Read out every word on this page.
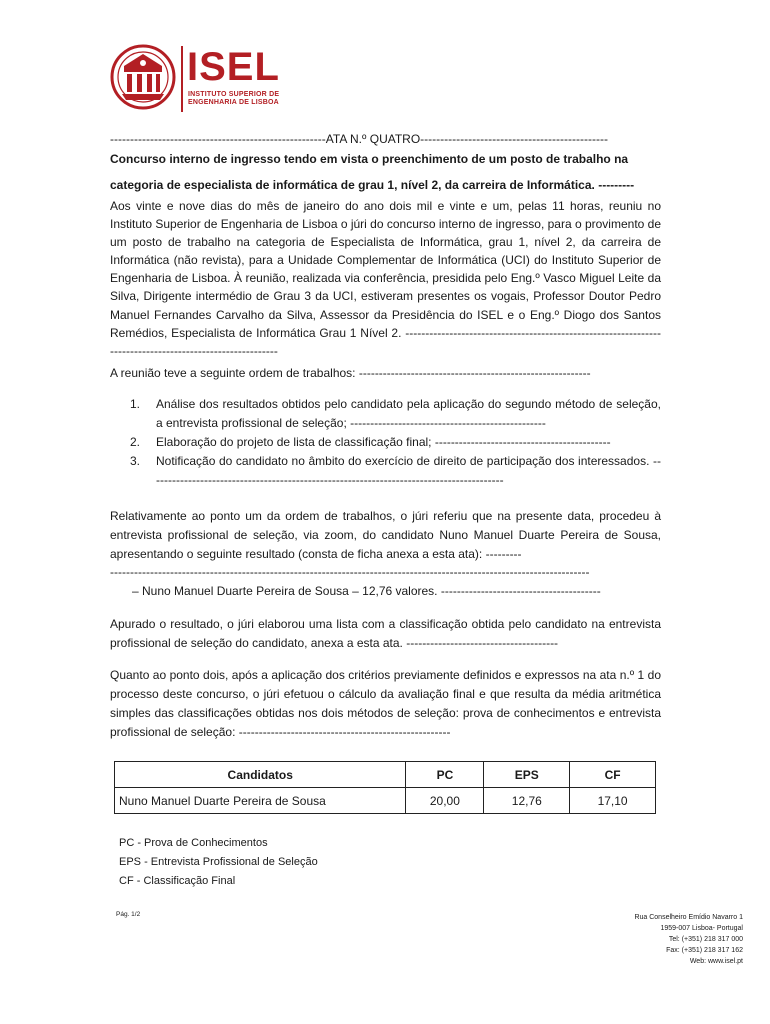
ISEL
INSTITUTO SUPERIOR DE
ENGENHARIA DE LISBOA
------------------------------------------------------ATA N.º QUATRO-----------------------------------------------
Concurso interno de ingresso tendo em vista o preenchimento de um posto de trabalho na
categoria de especialista de informática de grau 1, nível 2, da carreira de Informática. ---------
Aos vinte e nove dias do mês de janeiro do ano dois mil e vinte e um, pelas 11 horas, reuniu no Instituto Superior de Engenharia de Lisboa o júri do concurso interno de ingresso, para o provimento de um posto de trabalho na categoria de Especialista de Informática, grau 1, nível 2, da carreira de Informática (não revista), para a Unidade Complementar de Informática (UCI) do Instituto Superior de Engenharia de Lisboa. À reunião, realizada via conferência, presidida pelo Eng.º Vasco Miguel Leite da Silva, Dirigente intermédio de Grau 3 da UCI, estiveram presentes os vogais, Professor Doutor Pedro Manuel Fernandes Carvalho da Silva, Assessor da Presidência do ISEL e o Eng.º Diogo dos Santos Remédios, Especialista de Informática Grau 1 Nível 2. ----------------------------------------------------------------------------------------------------------
A reunião teve a seguinte ordem de trabalhos: ----------------------------------------------------------
1. Análise dos resultados obtidos pelo candidato pela aplicação do segundo método de seleção, a entrevista profissional de seleção; -------------------------------------------------
2. Elaboração do projeto de lista de classificação final; --------------------------------------------
3. Notificação do candidato no âmbito do exercício de direito de participação dos interessados. -----------------------------------------------------------------------------------------
Relativamente ao ponto um da ordem de trabalhos, o júri referiu que na presente data, procedeu à entrevista profissional de seleção, via zoom, do candidato Nuno Manuel Duarte Pereira de Sousa, apresentando o seguinte resultado (consta de ficha anexa a esta ata): ---------
------------------------------------------------------------------------------------------------------------------------
– Nuno Manuel Duarte Pereira de Sousa – 12,76 valores. ----------------------------------------
Apurado o resultado, o júri elaborou uma lista com a classificação obtida pelo candidato na entrevista profissional de seleção do candidato, anexa a esta ata. --------------------------------------
Quanto ao ponto dois, após a aplicação dos critérios previamente definidos e expressos na ata n.º 1 do processo deste concurso, o júri efetuou o cálculo da avaliação final e que resulta da média aritmética simples das classificações obtidas nos dois métodos de seleção: prova de conhecimentos e entrevista profissional de seleção: -----------------------------------------------------
Candidatos	PC	EPS	CF
Nuno Manuel Duarte Pereira de Sousa	20,00	12,76	17,10
PC - Prova de Conhecimentos
EPS - Entrevista Profissional de Seleção
CF - Classificação Final
Pág. 1/2	Rua Conselheiro Emídio Navarro 1
1959-007 Lisboa- Portugal
Tel: (+351) 218 317 000
Fax: (+351) 218 317 162
Web: www.isel.pt
